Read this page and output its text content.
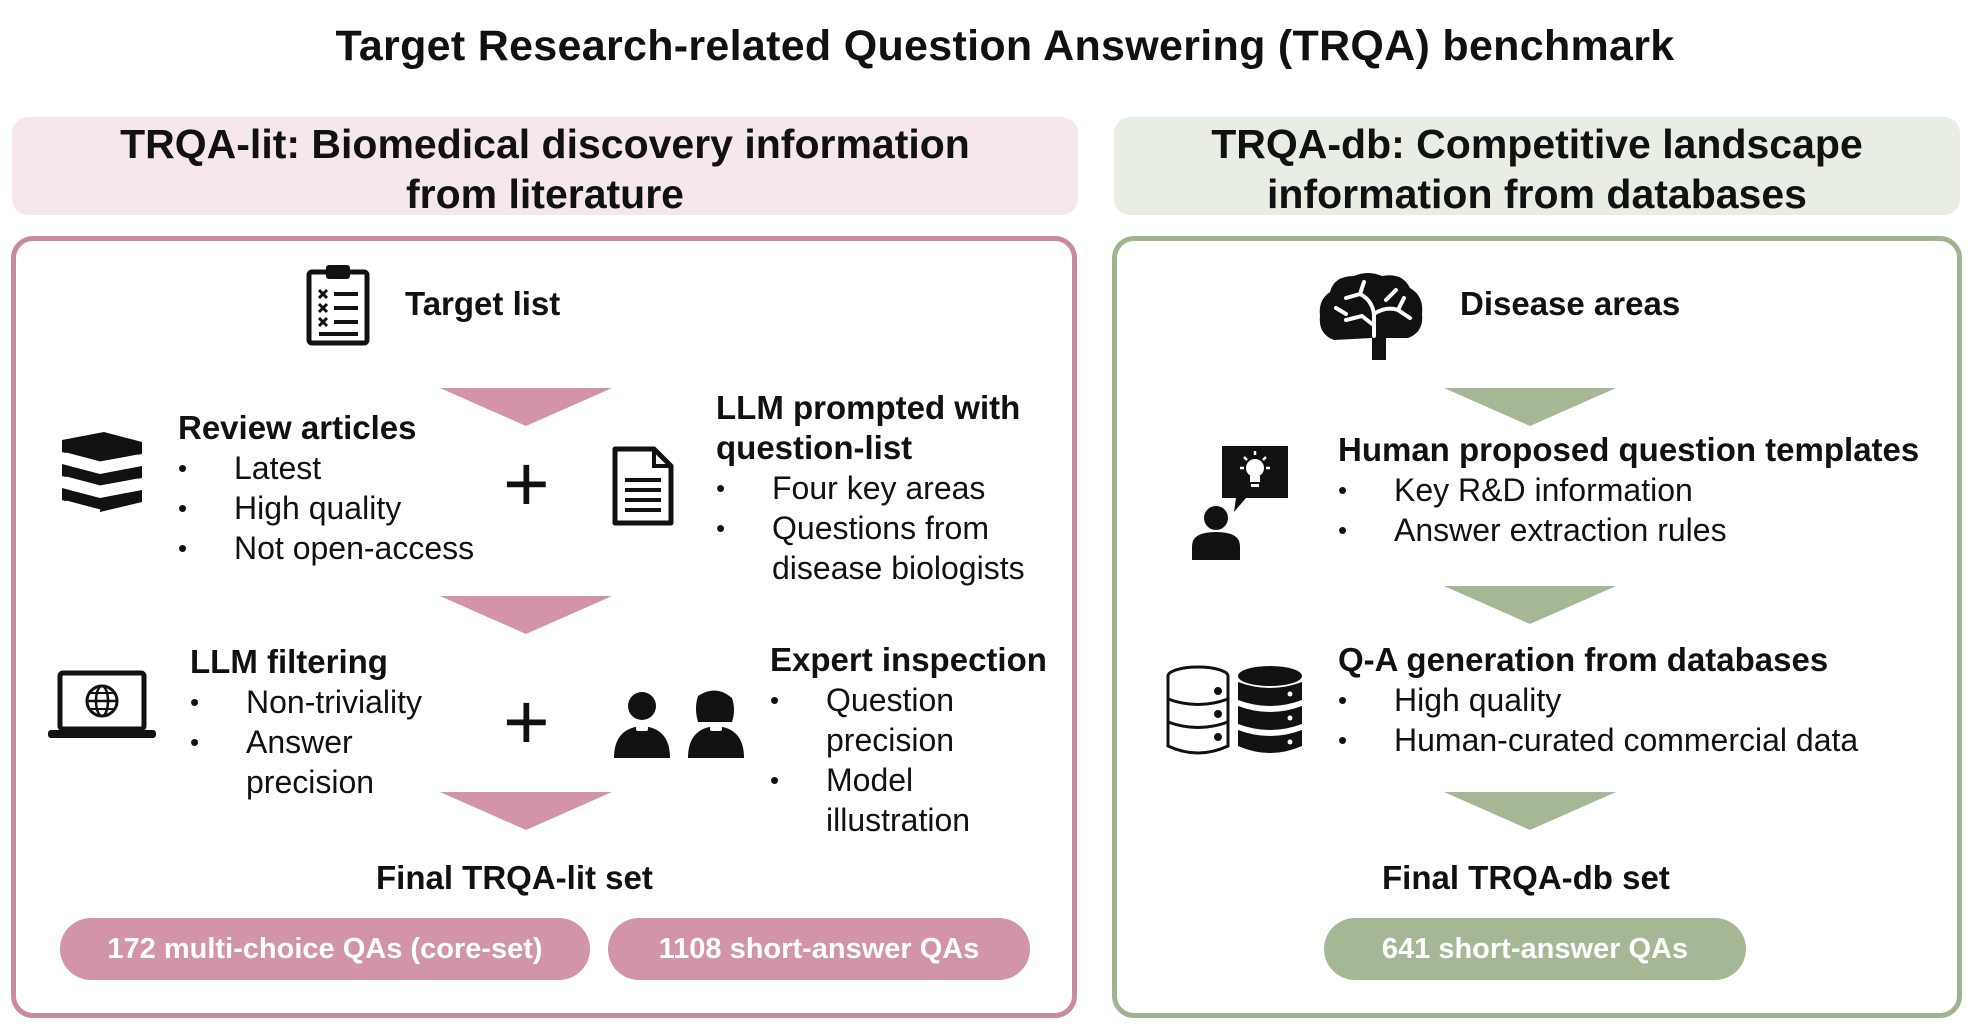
Target Research-related Question Answering (TRQA) benchmark
TRQA-lit: Biomedical discovery information
from literature
TRQA-db: Competitive landscape
information from databases
Target list
Review articles
• Latest
• High quality
• Not open-access
+
LLM prompted with
question-list
• Four key areas
• Questions from
disease biologists
LLM filtering
• Non-triviality
• Answer
precision
+
Expert inspection
• Question
precision
• Model
illustration
Final TRQA-lit set
172 multi-choice QAs (core-set)	1108 short-answer QAs
Disease areas
Human proposed question templates
• Key R&D information
• Answer extraction rules
Q-A generation from databases
• High quality
• Human-curated commercial data
Final TRQA-db set
641 short-answer QAs
